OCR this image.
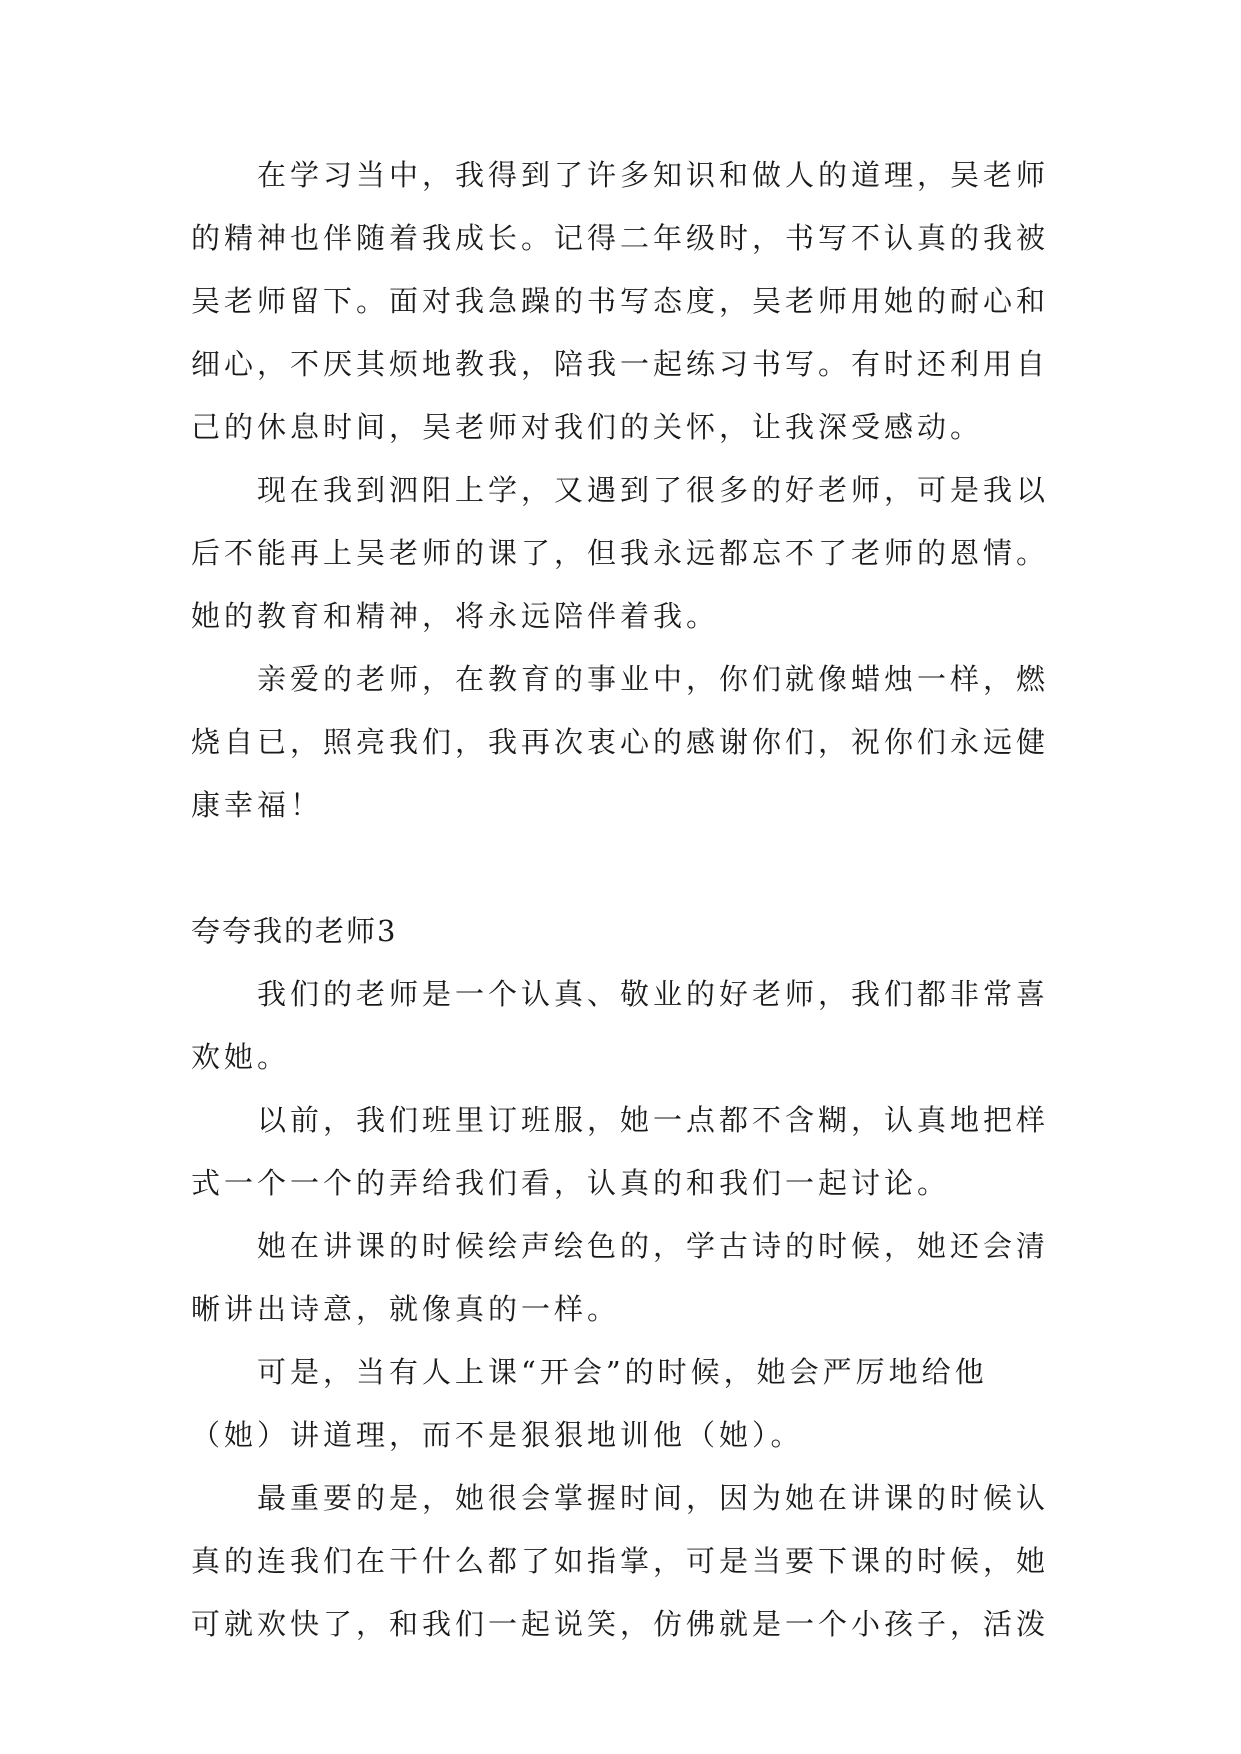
在学习当中，我得到了许多知识和做人的道理，吴老师
的精神也伴随着我成长。记得二年级时，书写不认真的我被
吴老师留下。面对我急躁的书写态度，吴老师用她的耐心和
细心，不厌其烦地教我，陪我一起练习书写。有时还利用自
己的休息时间，吴老师对我们的关怀，让我深受感动。
现在我到泗阳上学，又遇到了很多的好老师，可是我以
后不能再上吴老师的课了，但我永远都忘不了老师的恩情。
她的教育和精神，将永远陪伴着我。
亲爱的老师，在教育的事业中，你们就像蜡烛一样，燃
烧自已，照亮我们，我再次衷心的感谢你们，祝你们永远健
康幸福！
夸夸我的老师3
我们的老师是一个认真、敬业的好老师，我们都非常喜
欢她。
以前，我们班里订班服，她一点都不含糊，认真地把样
式一个一个的弄给我们看，认真的和我们一起讨论。
她在讲课的时候绘声绘色的，学古诗的时候，她还会清
晰讲出诗意，就像真的一样。
可是，当有人上课“开会”的时候，她会严厉地给他
（她）讲道理，而不是狠狠地训他（她）。
最重要的是，她很会掌握时间，因为她在讲课的时候认
真的连我们在干什么都了如指掌，可是当要下课的时候，她
可就欢快了，和我们一起说笑，仿佛就是一个小孩子，活泼
